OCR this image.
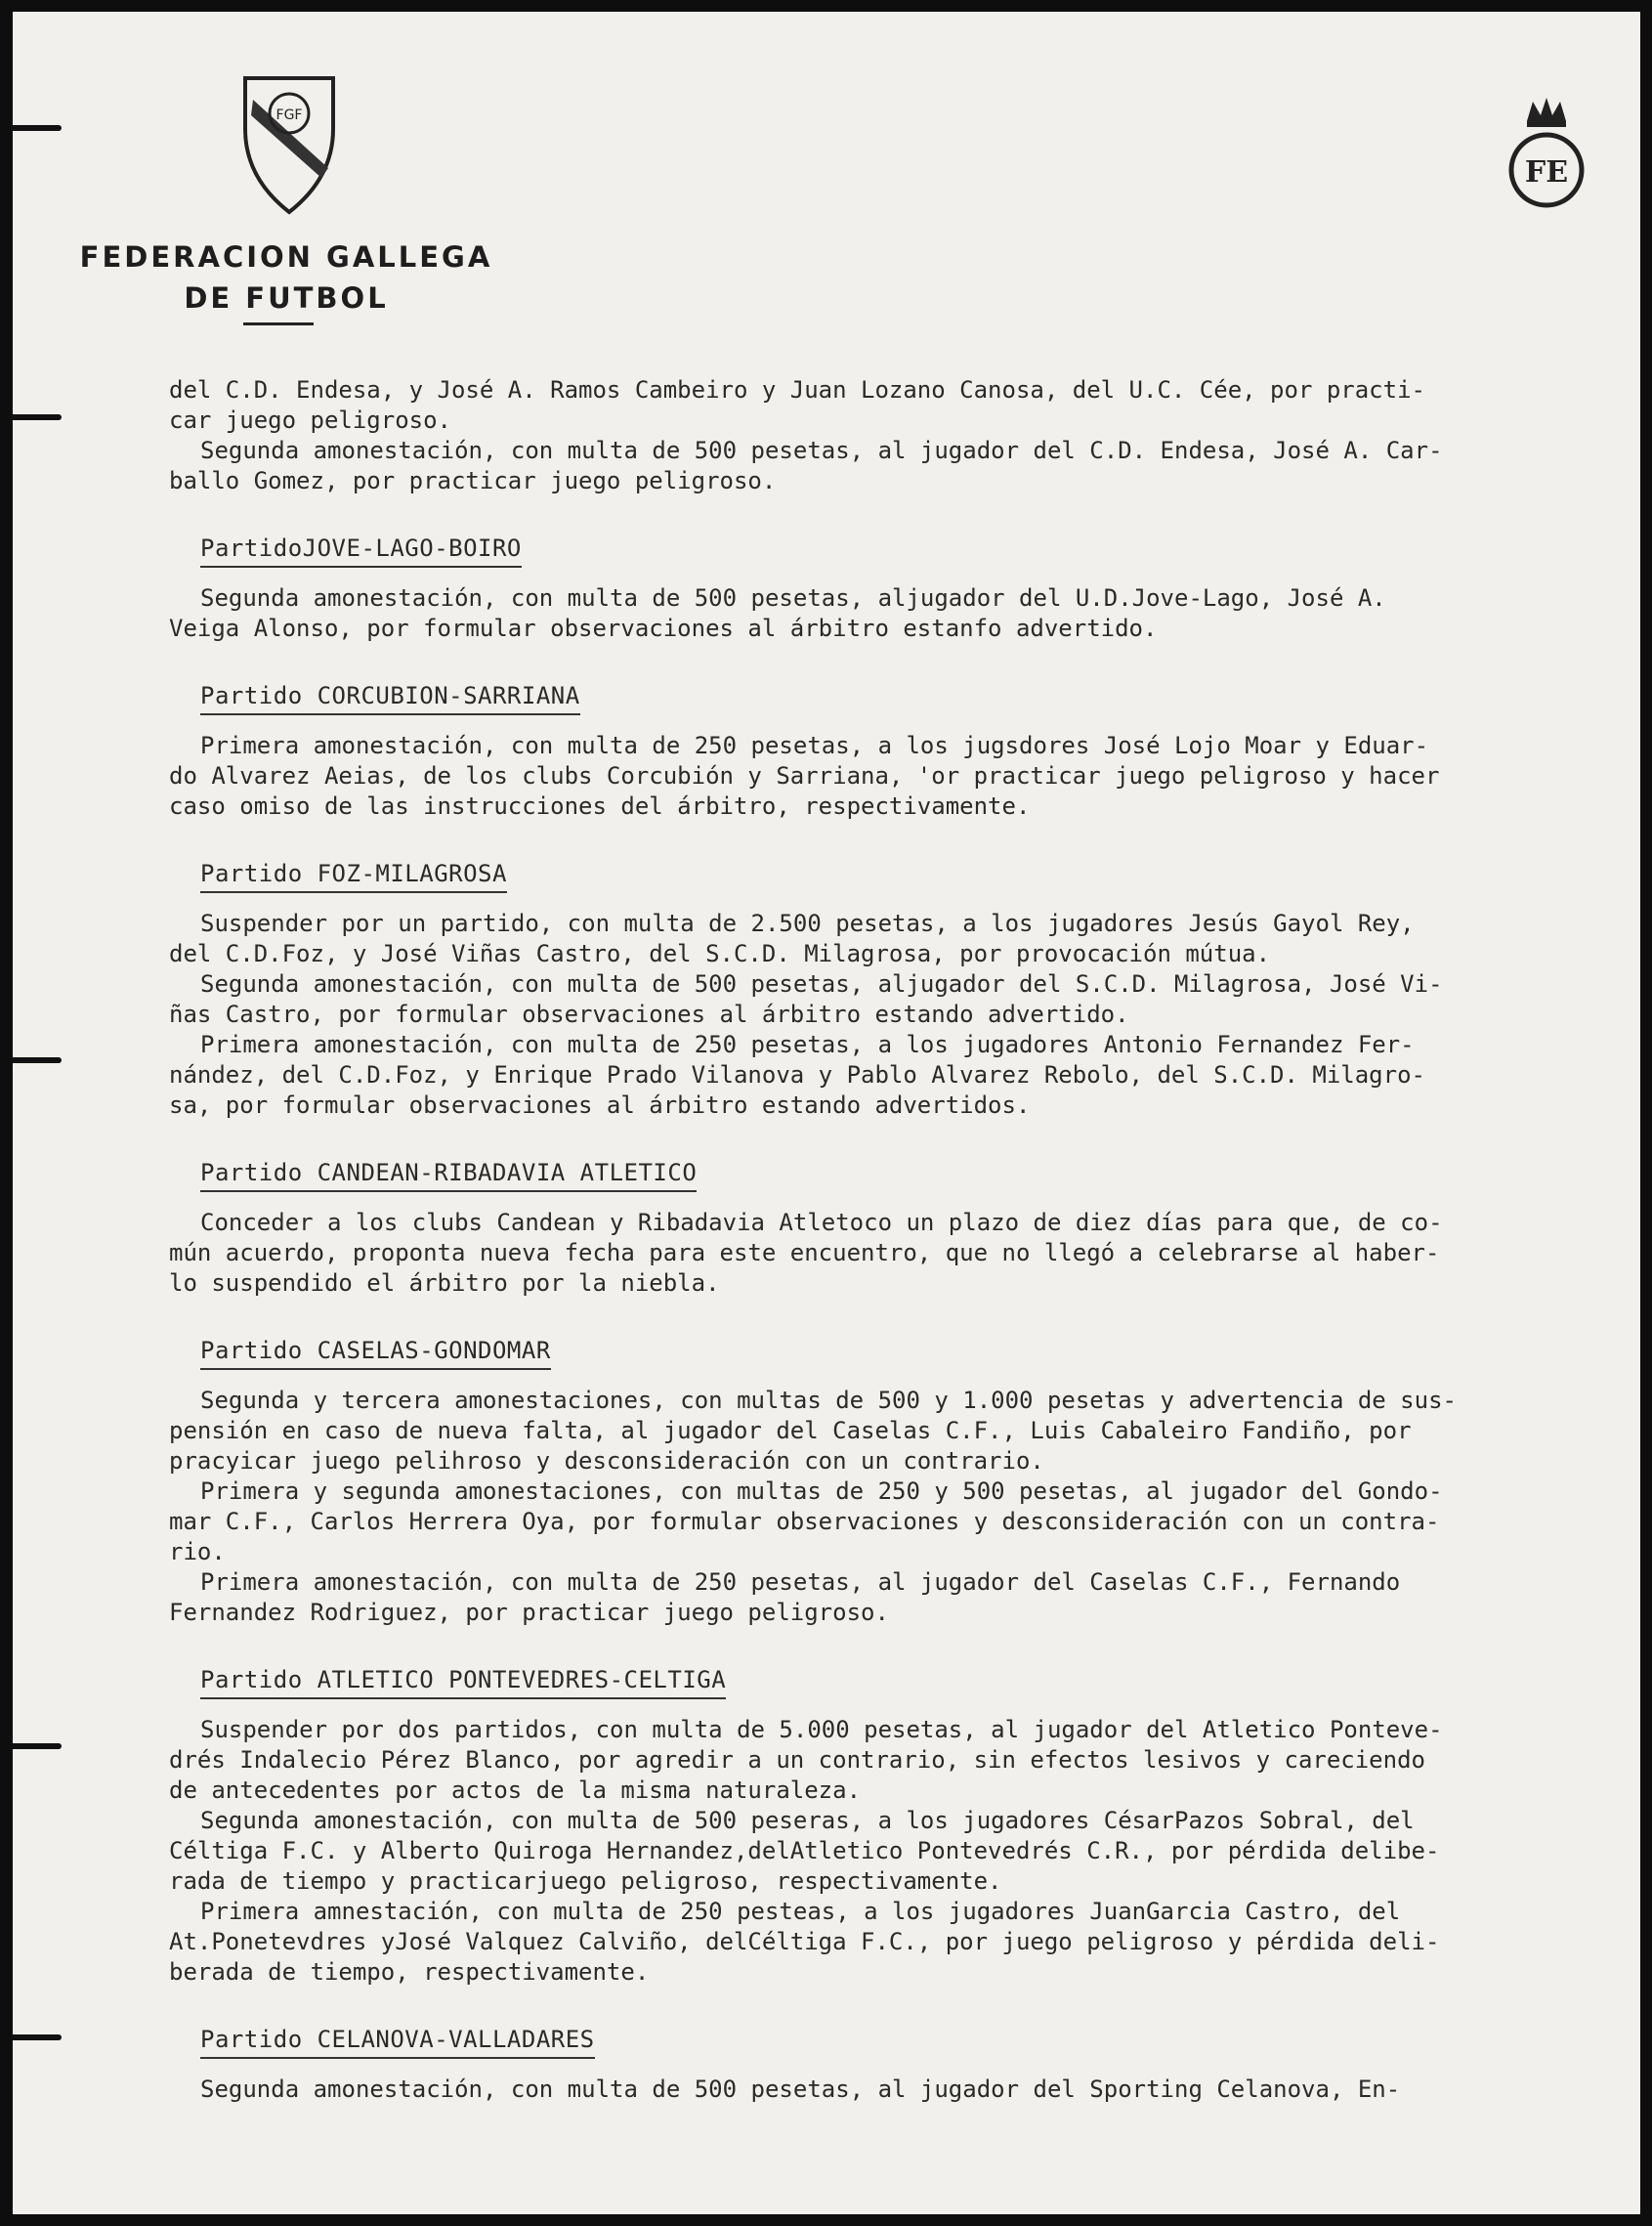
FGF
FE
FEDERACION GALLEGA
DE FUTBOL

del C.D. Endesa, y José A. Ramos Cambeiro y Juan Lozano Canosa, del U.C. Cée, por practi-

car juego peligroso.

Segunda amonestación, con multa de 500 pesetas, al jugador del C.D. Endesa, José A. Car-

ballo Gomez, por practicar juego peligroso.

PartidoJOVE-LAGO-BOIRO

Segunda amonestación, con multa de 500 pesetas, aljugador del U.D.Jove-Lago, José A.

Veiga Alonso, por formular observaciones al árbitro estanfo advertido.

Partido CORCUBION-SARRIANA

Primera amonestación, con multa de 250 pesetas, a los jugsdores José Lojo Moar y Eduar-

do Alvarez Aeias, de los clubs Corcubión y Sarriana, 'or practicar juego peligroso y hacer

caso omiso de las instrucciones del árbitro, respectivamente.

Partido FOZ-MILAGROSA

Suspender por un partido, con multa de 2.500 pesetas, a los jugadores Jesús Gayol Rey,

del C.D.Foz, y José Viñas Castro, del S.C.D. Milagrosa, por provocación mútua.

Segunda amonestación, con multa de 500 pesetas, aljugador del S.C.D. Milagrosa, José Vi-

ñas Castro, por formular observaciones al árbitro estando advertido.

Primera amonestación, con multa de 250 pesetas, a los jugadores Antonio Fernandez Fer-

nández, del C.D.Foz, y Enrique Prado Vilanova y Pablo Alvarez Rebolo, del S.C.D. Milagro-

sa, por formular observaciones al árbitro estando advertidos.

Partido CANDEAN-RIBADAVIA ATLETICO

Conceder a los clubs Candean y Ribadavia Atletoco un plazo de diez días para que, de co-

mún acuerdo, proponta nueva fecha para este encuentro, que no llegó a celebrarse al haber-

lo suspendido el árbitro por la niebla.

Partido CASELAS-GONDOMAR

Segunda y tercera amonestaciones, con multas de 500 y 1.000 pesetas y advertencia de sus-

pensión en caso de nueva falta, al jugador del Caselas C.F., Luis Cabaleiro Fandiño, por

pracyicar juego pelihroso y desconsideración con un contrario.

Primera y segunda amonestaciones, con multas de 250 y 500 pesetas, al jugador del Gondo-

mar C.F., Carlos Herrera Oya, por formular observaciones y desconsideración con un contra-

rio.

Primera amonestación, con multa de 250 pesetas, al jugador del Caselas C.F., Fernando

Fernandez Rodriguez, por practicar juego peligroso.

Partido ATLETICO PONTEVEDRES-CELTIGA

Suspender por dos partidos, con multa de 5.000 pesetas, al jugador del Atletico Ponteve-

drés Indalecio Pérez Blanco, por agredir a un contrario, sin efectos lesivos y careciendo

de antecedentes por actos de la misma naturaleza.

Segunda amonestación, con multa de 500 peseras, a los jugadores CésarPazos Sobral, del

Céltiga F.C. y Alberto Quiroga Hernandez,delAtletico Pontevedrés C.R., por pérdida delibe-

rada de tiempo y practicarjuego peligroso, respectivamente.

Primera amnestación, con multa de 250 pesteas, a los jugadores JuanGarcia Castro, del

At.Ponetevdres yJosé Valquez Calviño, delCéltiga F.C., por juego peligroso y pérdida deli-

berada de tiempo, respectivamente.

Partido CELANOVA-VALLADARES

Segunda amonestación, con multa de 500 pesetas, al jugador del Sporting Celanova, En-
